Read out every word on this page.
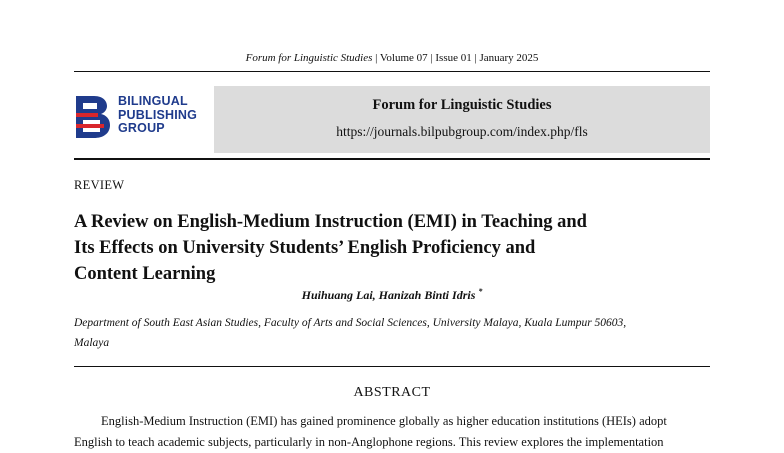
Forum for Linguistic Studies | Volume 07 | Issue 01 | January 2025
BILINGUAL
PUBLISHING
GROUP
Forum for Linguistic Studies
https://journals.bilpubgroup.com/index.php/fls
REVIEW
A Review on English-Medium Instruction (EMI) in Teaching and
Its Effects on University Students’ English Proficiency and
Content Learning
Huihuang Lai, Hanizah Binti Idris *
Department of South East Asian Studies, Faculty of Arts and Social Sciences, University Malaya, Kuala Lumpur 50603,
Malaya
ABSTRACT
English-Medium Instruction (EMI) has gained prominence globally as higher education institutions (HEIs) adopt
English to teach academic subjects, particularly in non-Anglophone regions. This review explores the implementation
